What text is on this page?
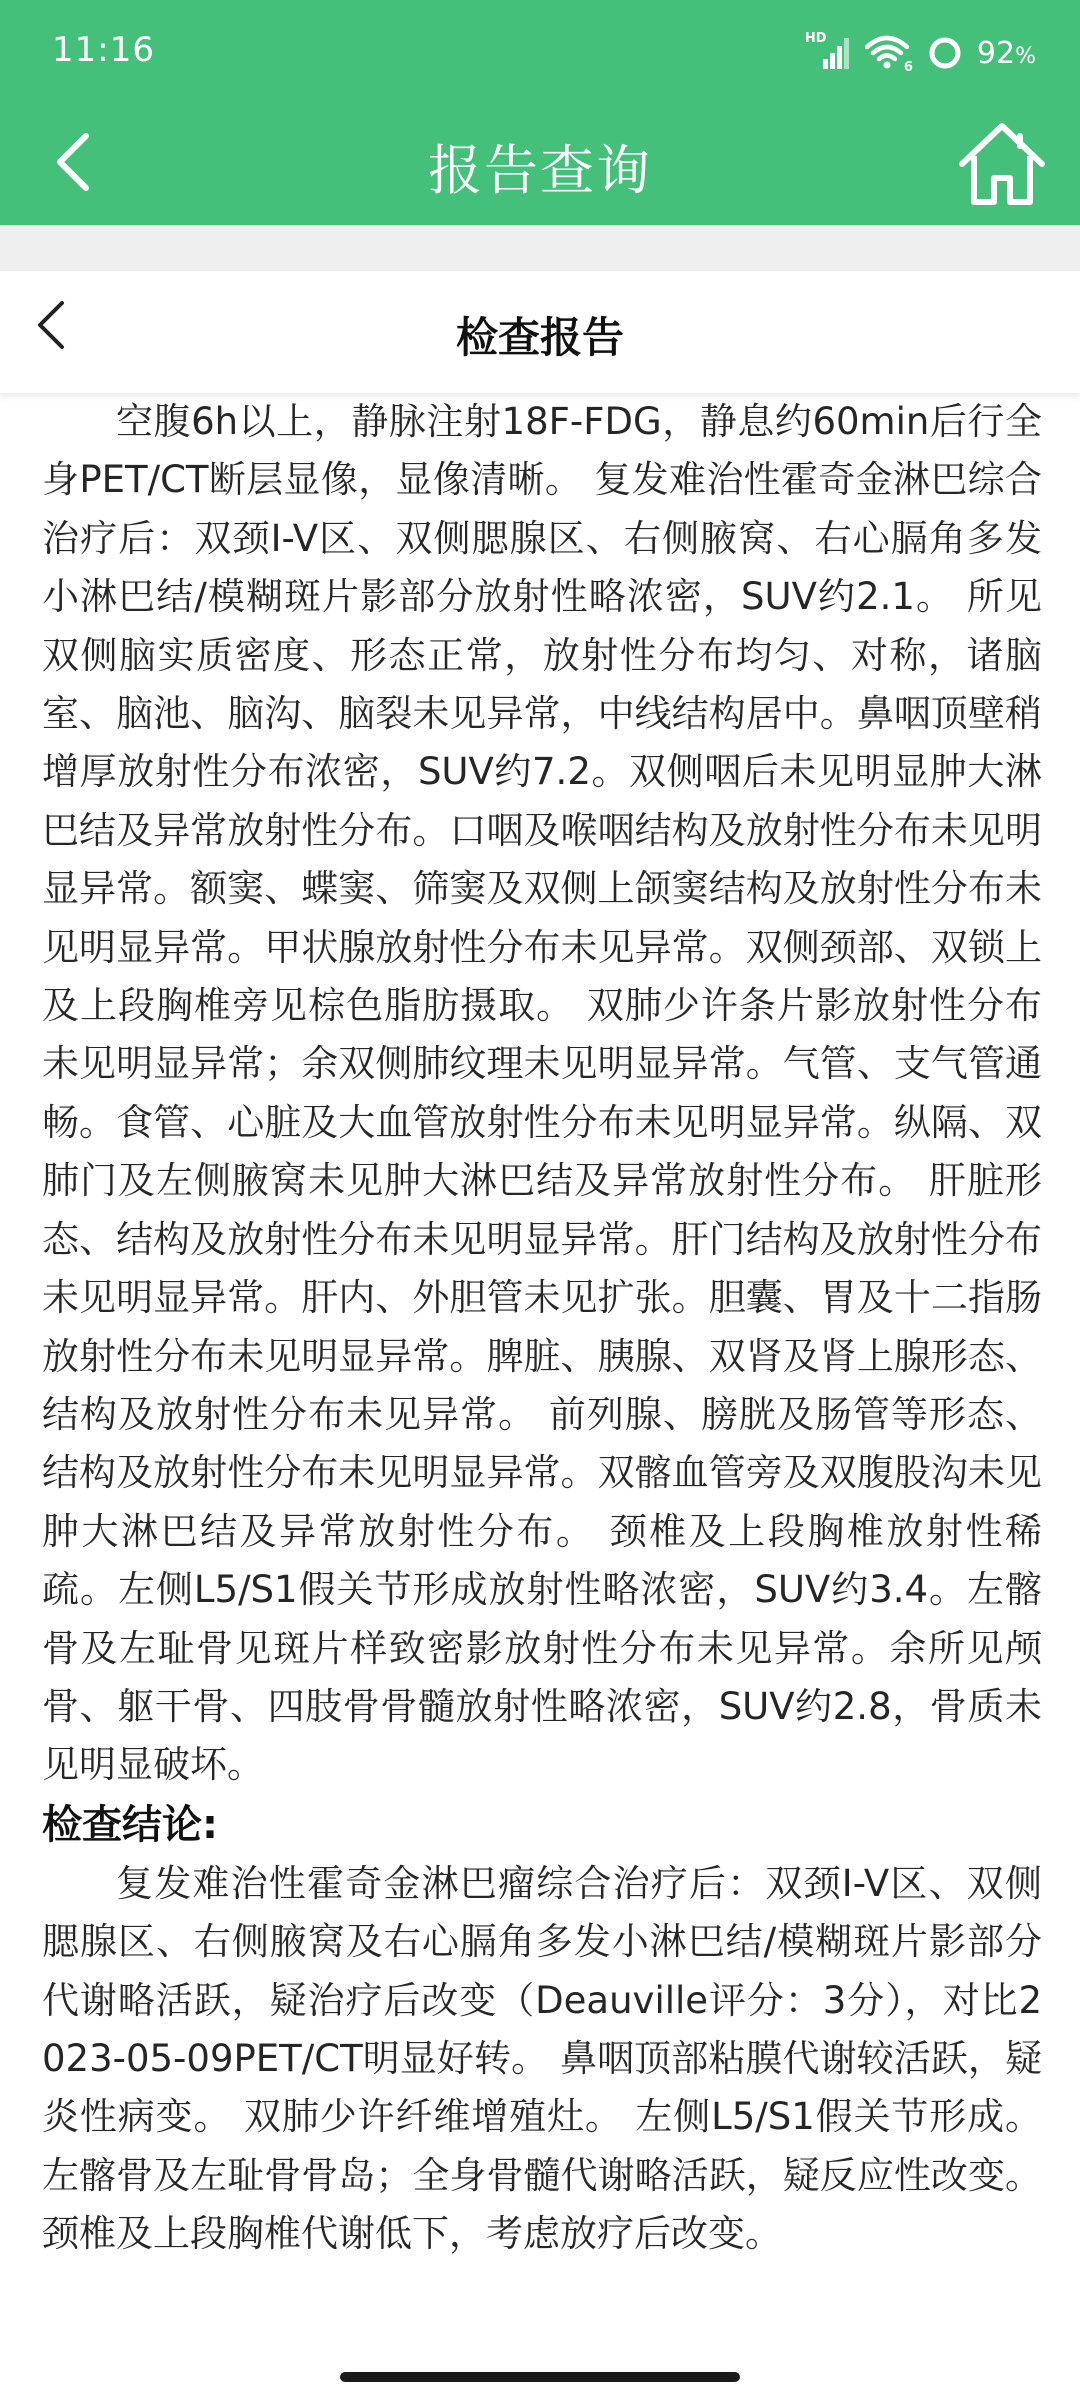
11:16	HD
6 92 %
报告查询
检查报告

空腹6h以上，静脉注射18F-FDG，静息约60min后行全身PET/CT断层显像，显像清晰。 复发难治性霍奇金淋巴综合治疗后：双颈I-V区、双侧腮腺区、右侧腋窝、右心膈角多发小淋巴结/模糊斑片影部分放射性略浓密，SUV约2.1。 所见双侧脑实质密度、形态正常，放射性分布均匀、对称，诸脑室、脑池、脑沟、脑裂未见异常，中线结构居中。鼻咽顶壁稍增厚放射性分布浓密，SUV约7.2。双侧咽后未见明显肿大淋巴结及异常放射性分布。口咽及喉咽结构及放射性分布未见明显异常。额窦、蝶窦、筛窦及双侧上颌窦结构及放射性分布未见明显异常。甲状腺放射性分布未见异常。双侧颈部、双锁上及上段胸椎旁见棕色脂肪摄取。 双肺少许条片影放射性分布未见明显异常；余双侧肺纹理未见明显异常。气管、支气管通畅。食管、心脏及大血管放射性分布未见明显异常。纵隔、双肺门及左侧腋窝未见肿大淋巴结及异常放射性分布。 肝脏形态、结构及放射性分布未见明显异常。肝门结构及放射性分布未见明显异常。肝内、外胆管未见扩张。胆囊、胃及十二指肠放射性分布未见明显异常。脾脏、胰腺、双肾及肾上腺形态、结构及放射性分布未见异常。 前列腺、膀胱及肠管等形态、结构及放射性分布未见明显异常。双髂血管旁及双腹股沟未见肿大淋巴结及异常放射性分布。 颈椎及上段胸椎放射性稀疏。左侧L5/S1假关节形成放射性略浓密，SUV约3.4。左髂骨及左耻骨见斑片样致密影放射性分布未见异常。余所见颅骨、躯干骨、四肢骨骨髓放射性略浓密，SUV约2.8，骨质未见明显破坏。

检查结论:

复发难治性霍奇金淋巴瘤综合治疗后：双颈I-V区、双侧腮腺区、右侧腋窝及右心膈角多发小淋巴结/模糊斑片影部分代谢略活跃，疑治疗后改变（Deauville评分：3分），对比2023-05-09PET/CT明显好转。 鼻咽顶部粘膜代谢较活跃，疑炎性病变。 双肺少许纤维增殖灶。 左侧L5/S1假关节形成。左髂骨及左耻骨骨岛；全身骨髓代谢略活跃，疑反应性改变。 颈椎及上段胸椎代谢低下，考虑放疗后改变。
